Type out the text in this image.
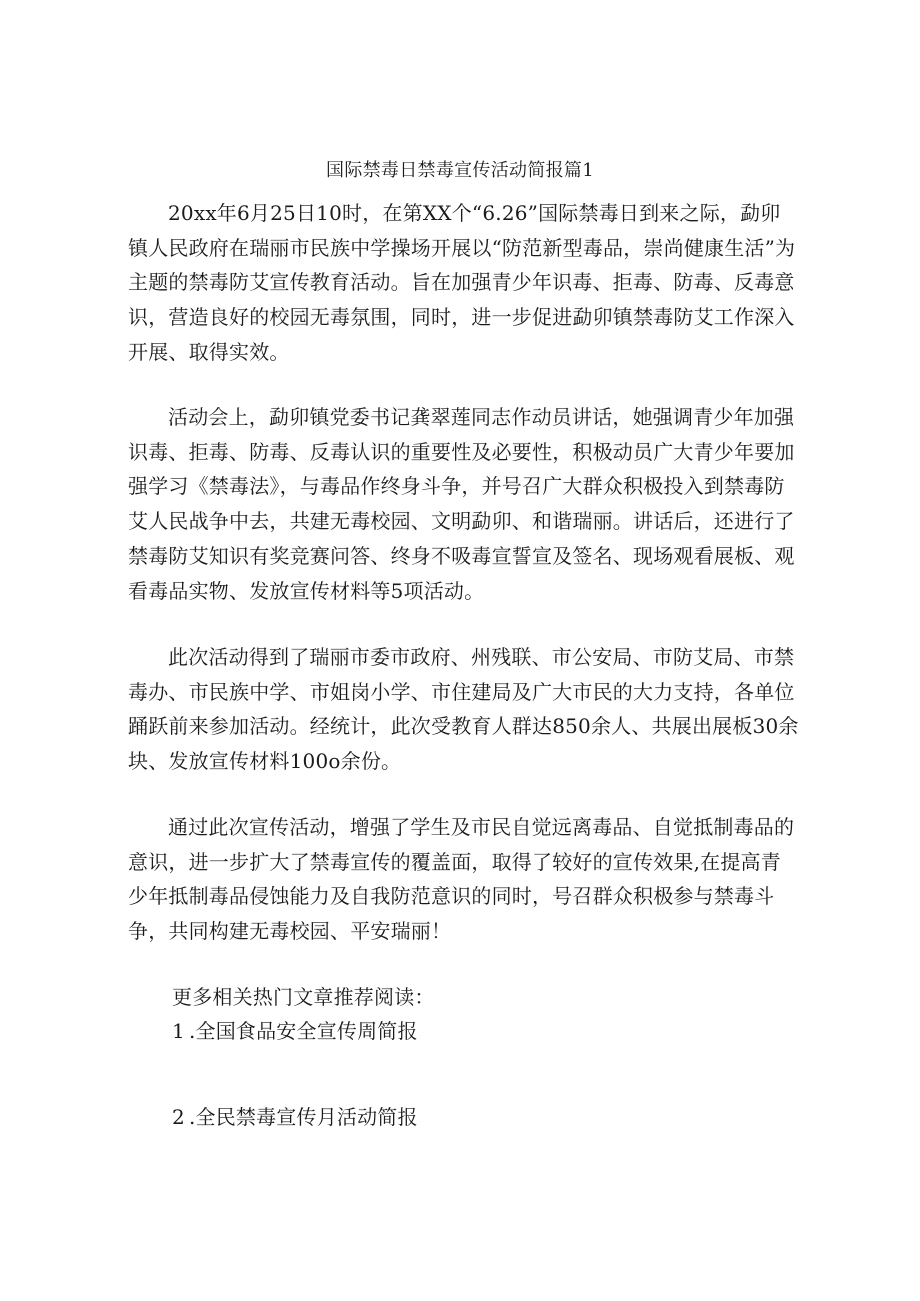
国际禁毒日禁毒宣传活动简报篇1

20xx年6月25日10时，在第XX个“6.26”国际禁毒日到来之际，勐卯镇人民政府在瑞丽市民族中学操场开展以“防范新型毒品，崇尚健康生活”为主题的禁毒防艾宣传教育活动。旨在加强青少年识毒、拒毒、防毒、反毒意识，营造良好的校园无毒氛围，同时，进一步促进勐卯镇禁毒防艾工作深入开展、取得实效。

活动会上，勐卯镇党委书记龚翠莲同志作动员讲话，她强调青少年加强识毒、拒毒、防毒、反毒认识的重要性及必要性，积极动员广大青少年要加强学习《禁毒法》，与毒品作终身斗争，并号召广大群众积极投入到禁毒防艾人民战争中去，共建无毒校园、文明勐卯、和谐瑞丽。讲话后，还进行了禁毒防艾知识有奖竞赛问答、终身不吸毒宣誓宣及签名、现场观看展板、观看毒品实物、发放宣传材料等5项活动。

此次活动得到了瑞丽市委市政府、州残联、市公安局、市防艾局、市禁毒办、市民族中学、市姐岗小学、市住建局及广大市民的大力支持，各单位踊跃前来参加活动。经统计，此次受教育人群达850余人、共展出展板30余块、发放宣传材料100o余份。

通过此次宣传活动，增强了学生及市民自觉远离毒品、自觉抵制毒品的意识，进一步扩大了禁毒宣传的覆盖面，取得了较好的宣传效果,在提高青少年抵制毒品侵蚀能力及自我防范意识的同时，号召群众积极参与禁毒斗争，共同构建无毒校园、平安瑞丽！

更多相关热门文章推荐阅读：

1 .全国食品安全宣传周简报

2 .全民禁毒宣传月活动简报
